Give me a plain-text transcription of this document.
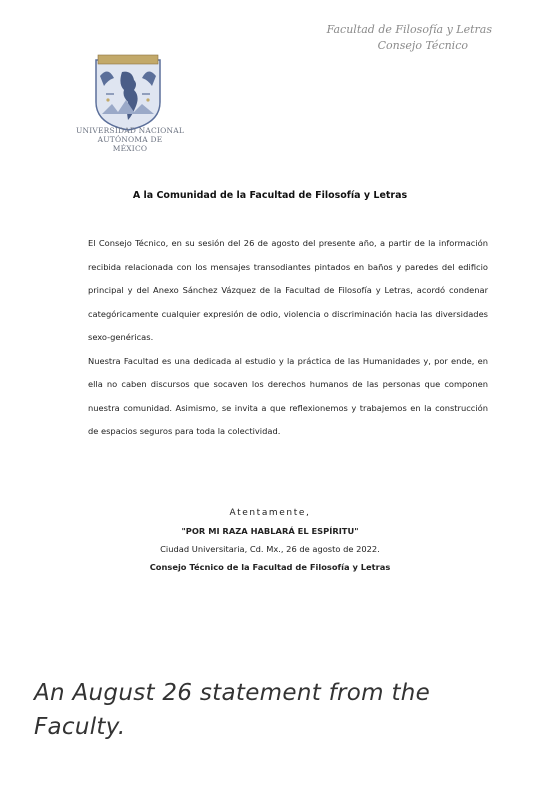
Facultad de Filosofía y Letras
Consejo Técnico
UNIVERSIDAD NACIONAL
AUTÓNOMA DE
MÉXICO
A la Comunidad de la Facultad de Filosofía y Letras

El Consejo Técnico, en su sesión del 26 de agosto del presente año, a partir de la información recibida relacionada con los mensajes transodiantes pintados en baños y paredes del edificio principal y del Anexo Sánchez Vázquez de la Facultad de Filosofía y Letras, acordó condenar categóricamente cualquier expresión de odio, violencia o discriminación hacia las diversidades sexo-genéricas.

Nuestra Facultad es una dedicada al estudio y la práctica de las Humanidades y, por ende, en ella no caben discursos que socaven los derechos humanos de las personas que componen nuestra comunidad. Asimismo, se invita a que reflexionemos y trabajemos en la construcción de espacios seguros para toda la colectividad.

Atentamente,
"POR MI RAZA HABLARÁ EL ESPÍRITU"
Ciudad Universitaria, Cd. Mx., 26 de agosto de 2022.
Consejo Técnico de la Facultad de Filosofía y Letras
An August 26 statement from the Faculty.
